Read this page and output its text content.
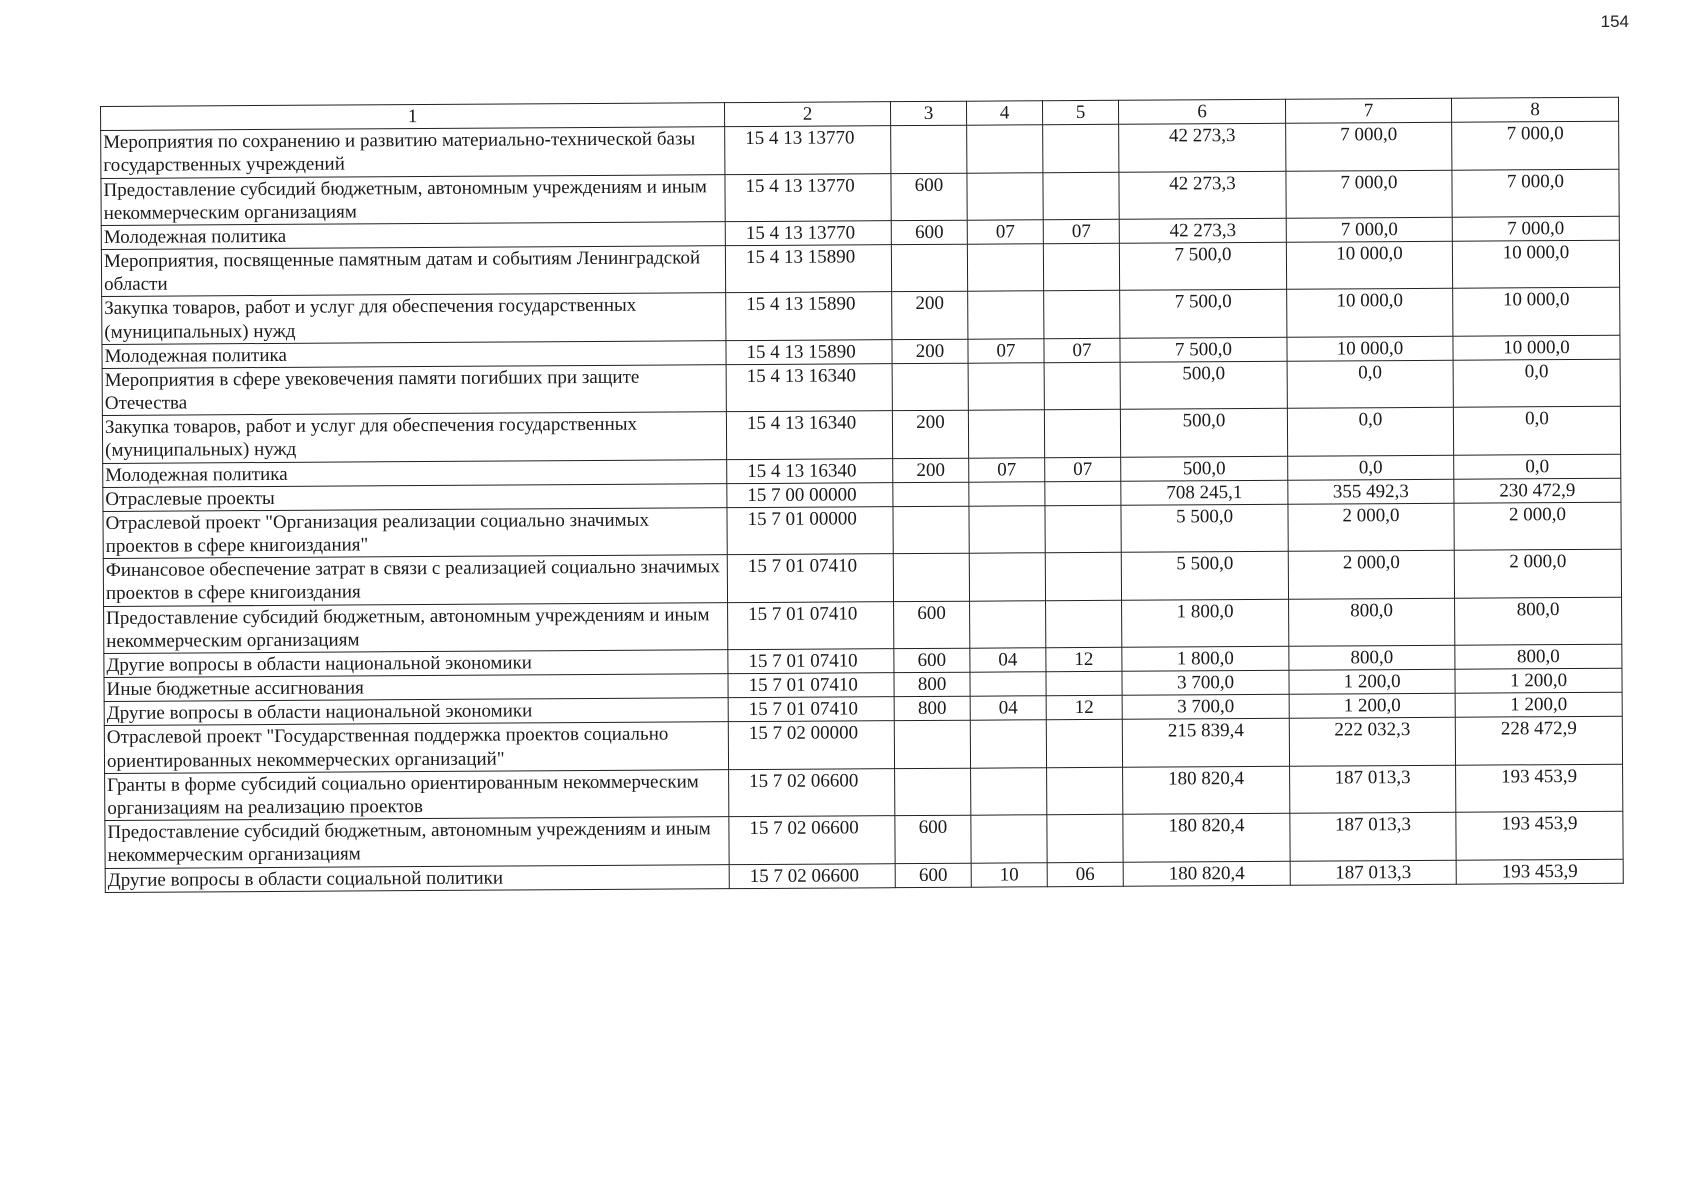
154
1	2	3	4	5	6	7	8
Мероприятия по сохранению и развитию материально-технической базы государственных учреждений	15 4 13 13770				42 273,3	7 000,0	7 000,0
Предоставление субсидий бюджетным, автономным учреждениям и иным некоммерческим организациям	15 4 13 13770	600			42 273,3	7 000,0	7 000,0
Молодежная политика	15 4 13 13770	600	07	07	42 273,3	7 000,0	7 000,0
Мероприятия, посвященные памятным датам и событиям Ленинградской области	15 4 13 15890				7 500,0	10 000,0	10 000,0
Закупка товаров, работ и услуг для обеспечения государственных (муниципальных) нужд	15 4 13 15890	200			7 500,0	10 000,0	10 000,0
Молодежная политика	15 4 13 15890	200	07	07	7 500,0	10 000,0	10 000,0
Мероприятия в сфере увековечения памяти погибших при защите Отечества	15 4 13 16340				500,0	0,0	0,0
Закупка товаров, работ и услуг для обеспечения государственных (муниципальных) нужд	15 4 13 16340	200			500,0	0,0	0,0
Молодежная политика	15 4 13 16340	200	07	07	500,0	0,0	0,0
Отраслевые проекты	15 7 00 00000				708 245,1	355 492,3	230 472,9
Отраслевой проект "Организация реализации социально значимых проектов в сфере книгоиздания"	15 7 01 00000				5 500,0	2 000,0	2 000,0
Финансовое обеспечение затрат в связи с реализацией социально значимых проектов в сфере книгоиздания	15 7 01 07410				5 500,0	2 000,0	2 000,0
Предоставление субсидий бюджетным, автономным учреждениям и иным некоммерческим организациям	15 7 01 07410	600			1 800,0	800,0	800,0
Другие вопросы в области национальной экономики	15 7 01 07410	600	04	12	1 800,0	800,0	800,0
Иные бюджетные ассигнования	15 7 01 07410	800			3 700,0	1 200,0	1 200,0
Другие вопросы в области национальной экономики	15 7 01 07410	800	04	12	3 700,0	1 200,0	1 200,0
Отраслевой проект "Государственная поддержка проектов социально ориентированных некоммерческих организаций"	15 7 02 00000				215 839,4	222 032,3	228 472,9
Гранты в форме субсидий социально ориентированным некоммерческим организациям на реализацию проектов	15 7 02 06600				180 820,4	187 013,3	193 453,9
Предоставление субсидий бюджетным, автономным учреждениям и иным некоммерческим организациям	15 7 02 06600	600			180 820,4	187 013,3	193 453,9
Другие вопросы в области социальной политики	15 7 02 06600	600	10	06	180 820,4	187 013,3	193 453,9
